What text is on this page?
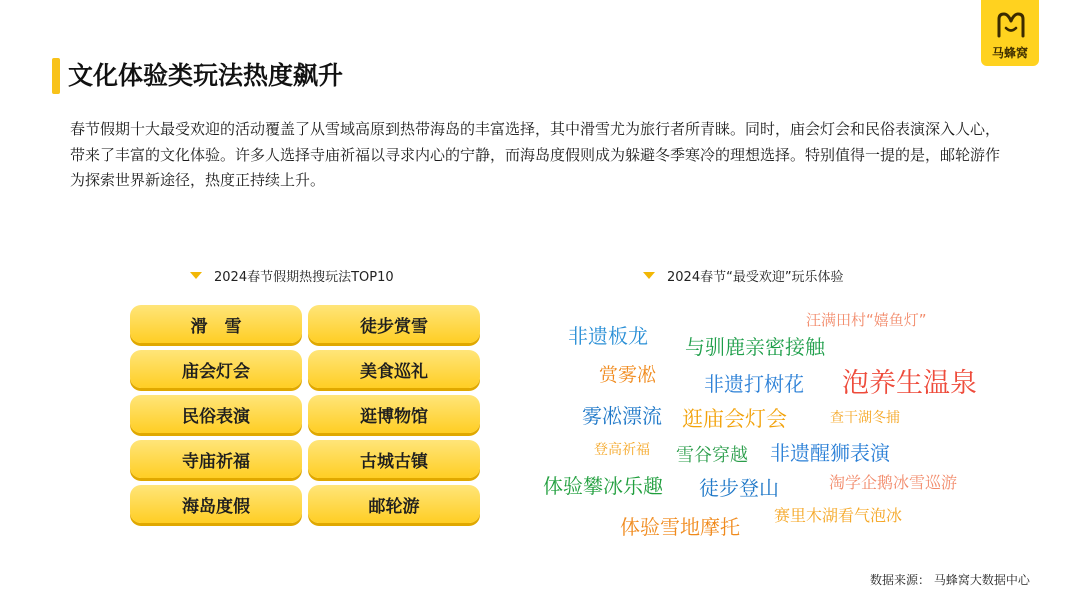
马蜂窝
文化体验类玩法热度飙升
春节假期十大最受欢迎的活动覆盖了从雪域高原到热带海岛的丰富选择，其中滑雪尤为旅行者所青睐。同时，庙会灯会和民俗表演深入人心，带来了丰富的文化体验。许多人选择寺庙祈福以寻求内心的宁静，而海岛度假则成为躲避冬季寒冷的理想选择。特别值得一提的是，邮轮游作为探索世界新途径，热度正持续上升。
2024春节假期热搜玩法TOP10	2024春节“最受欢迎”玩乐体验
滑　雪	徒步赏雪
庙会灯会	美食巡礼
民俗表演	逛博物馆
寺庙祈福	古城古镇
海岛度假	邮轮游
非遗板龙 与驯鹿亲密接触
汪满田村“嬉鱼灯”
赏雾凇 非遗打树花 泡养生温泉
雾凇漂流 逛庙会灯会	查干湖冬捕
登高祈福 雪谷穿越 非遗醒狮表演
体验攀冰乐趣 徒步登山	淘学企鹅冰雪巡游
赛里木湖看气泡冰
体验雪地摩托
数据来源： 马蜂窝大数据中心
